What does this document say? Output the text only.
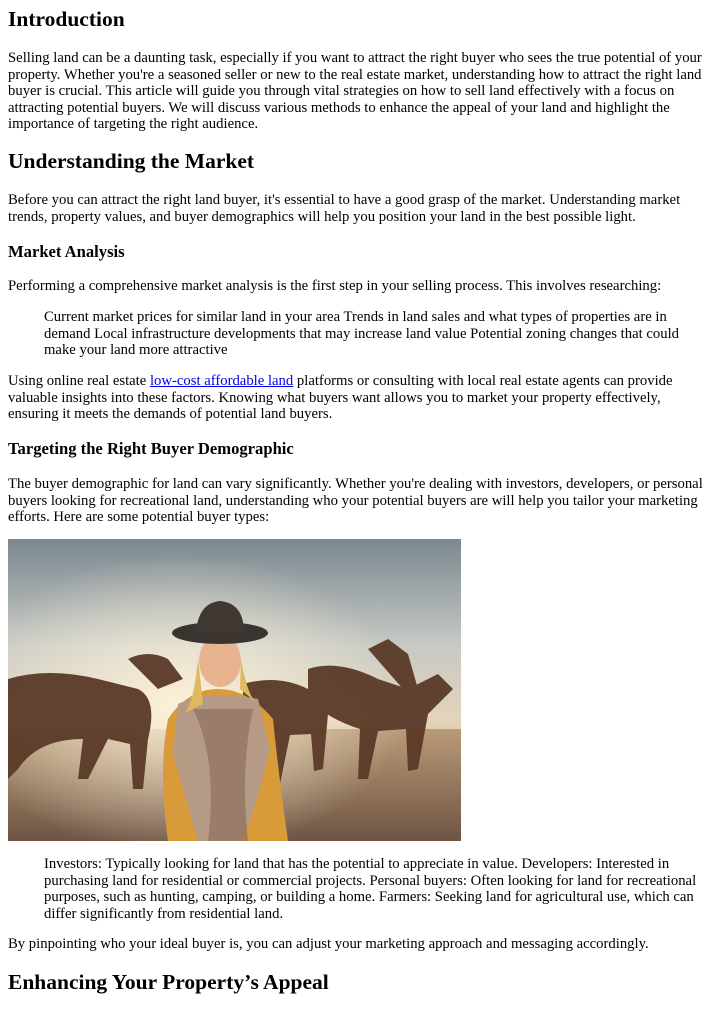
Introduction

Selling land can be a daunting task, especially if you want to attract the right buyer who sees the true potential of your property. Whether you're a seasoned seller or new to the real estate market, understanding how to attract the right land buyer is crucial. This article will guide you through vital strategies on how to sell land effectively with a focus on attracting potential buyers. We will discuss various methods to enhance the appeal of your land and highlight the importance of targeting the right audience.

Understanding the Market

Before you can attract the right land buyer, it's essential to have a good grasp of the market. Understanding market trends, property values, and buyer demographics will help you position your land in the best possible light.

Market Analysis

Performing a comprehensive market analysis is the first step in your selling process. This involves researching:

Current market prices for similar land in your area Trends in land sales and what types of properties are in demand Local infrastructure developments that may increase land value Potential zoning changes that could make your land more attractive

Using online real estate low-cost affordable land platforms or consulting with local real estate agents can provide valuable insights into these factors. Knowing what buyers want allows you to market your property effectively, ensuring it meets the demands of potential land buyers.

Targeting the Right Buyer Demographic

The buyer demographic for land can vary significantly. Whether you're dealing with investors, developers, or personal buyers looking for recreational land, understanding who your potential buyers are will help you tailor your marketing efforts. Here are some potential buyer types:

Investors: Typically looking for land that has the potential to appreciate in value. Developers: Interested in purchasing land for residential or commercial projects. Personal buyers: Often looking for land for recreational purposes, such as hunting, camping, or building a home. Farmers: Seeking land for agricultural use, which can differ significantly from residential land.

By pinpointing who your ideal buyer is, you can adjust your marketing approach and messaging accordingly.

Enhancing Your Property’s Appeal
